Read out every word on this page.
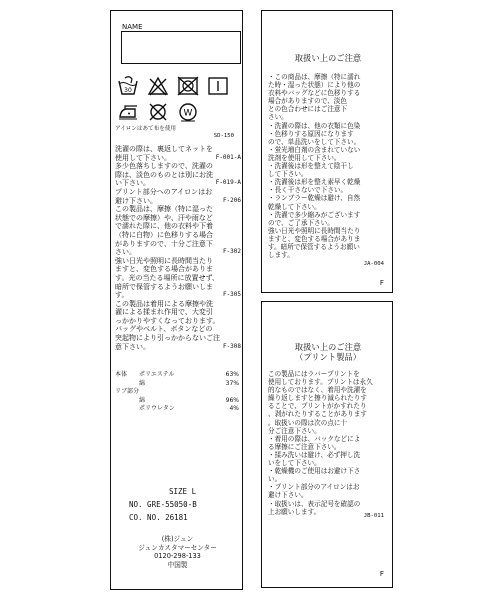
NAME
30
W
アイロンはあて布を使用
SD-150
洗濯の際は、裏返してネットを
使用して下さい。	F-001-A
多少色落ちしますので、洗濯の
際は、淡色のものとは別にお洗
い下さい。	F-019-A
プリント部分へのアイロンはお
避け下さい。	F-206
この製品は、摩擦（特に湿った
状態での摩擦）や、汗や雨など
で濡れた際に、他の衣料や下着
（特に白物）に色移りする場合
がありますので、十分ご注意下
さい。	F-302
強い日光や照明に長時間当たり
ますと、変色する場合がありま
す。光の当たる場所に放置せず、
暗所で保管するようお願いしま
す。	F-305
この製品は着用による摩擦や洗
濯による揉まれ作用で、大変引
っかかりやすくなっております。
バッグやベルト、ボタンなどの
突起物により引っかからないご注
意下さい。	F-308
本体 ポリエステル	63%
綿	37%
リブ部分
綿	96%
ポリウレタン	4%
SIZE L
NO. GRE-55050-B
CO. NO. 26181
(株)ジュン
ジュンカスタマーセンター
0120-298-133
中国製
取扱い上のご注意
・この商品は、摩擦（特に濡れ
た時・湿った状態）により他の
衣料やバッグなどに色移りする
場合がありますので、淡色
との色合わせにはご注意下
さい。
・洗濯の際は、他の衣類に色染
・色移りする原因になります
ので、単品洗いをして下さい。
・蛍光増白剤の含まれていない
洗剤を使用して下さい。
・洗濯後は形を整えて陰干し
して下さい。
・洗濯後は形を整え素早く乾燥
・長く干さないで下さい。
・ランブラー乾燥は避け、自然
乾燥して下さい。
・洗濯で多少縮みがございます
ので、ご了承下さい。
強い日光や照明に長時間当たり
ますと、変色する場合がありま
す。暗所で保管するようお願い
します。
JA-004
F
取扱い上のご注意
（プリント製品）
この製品にはラバープリントを
使用しております。プリントは永久
的なものではなく、着用や洗濯を
繰り返しますと擦り減られたりす
ることで、プリントがかすれたり
、剥がれたりすることがあります
。取扱いの際は次の点に十
分ご注意下さい。
・着用の際は、バックなどによ
る摩擦にご注意下さい。
・揉み洗いは避け、必ず押し洗
いをして下さい。
・乾燥機のご使用はお避け下さ
い。
・プリント部分のアイロンはお
避け下さい。
・取扱いは、表示記号を確認の
上お願いします。
JB-011
F
